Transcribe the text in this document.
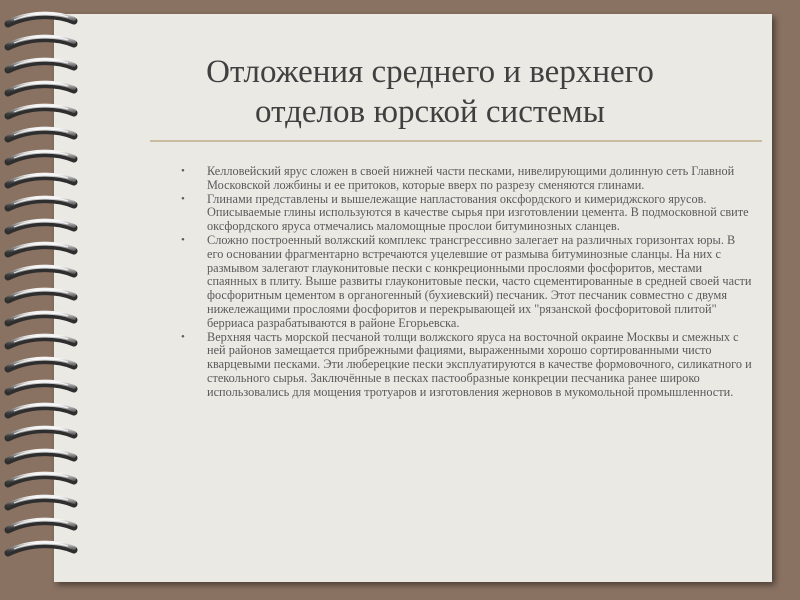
Отложения среднего и верхнего
отделов юрской системы
• Келловейский ярус сложен в своей нижней части песками, нивелирующими долинную сеть Главной Московской ложбины и ее притоков, которые вверх по разрезу сменяются глинами.
• Глинами представлены и вышележащие напластования оксфордского и кимериджского ярусов. Описываемые глины используются в качестве сырья при изготовлении цемента. В подмосковной свите оксфордского яруса отмечались маломощные прослои битуминозных сланцев.
• Сложно построенный волжский комплекс трансгрессивно залегает на различных горизонтах юры. В его основании фрагментарно встречаются уцелевшие от размыва битуминозные сланцы. На них с размывом залегают глауконитовые пески с конкреционными прослоями фосфоритов, местами спаянных в плиту. Выше развиты глауконитовые пески, часто сцементированные в средней своей части фосфоритным цементом в органогенный (бухиевский) песчаник. Этот песчаник совместно с двумя нижележащими прослоями фосфоритов и перекрывающей их "рязанской фосфоритовой плитой" берриаса разрабатываются в районе Егорьевска.
• Верхняя часть морской песчаной толщи волжского яруса на восточной окраине Москвы и смежных с ней районов замещается прибрежными фациями, выраженными хорошо сортированными чисто кварцевыми песками. Эти люберецкие пески эксплуатируются в качестве формовочного, силикатного и стекольного сырья. Заключённые в песках пастообразные конкреции песчаника ранее широко использовались для мощения тротуаров и изготовления жерновов в мукомольной промышленности.
